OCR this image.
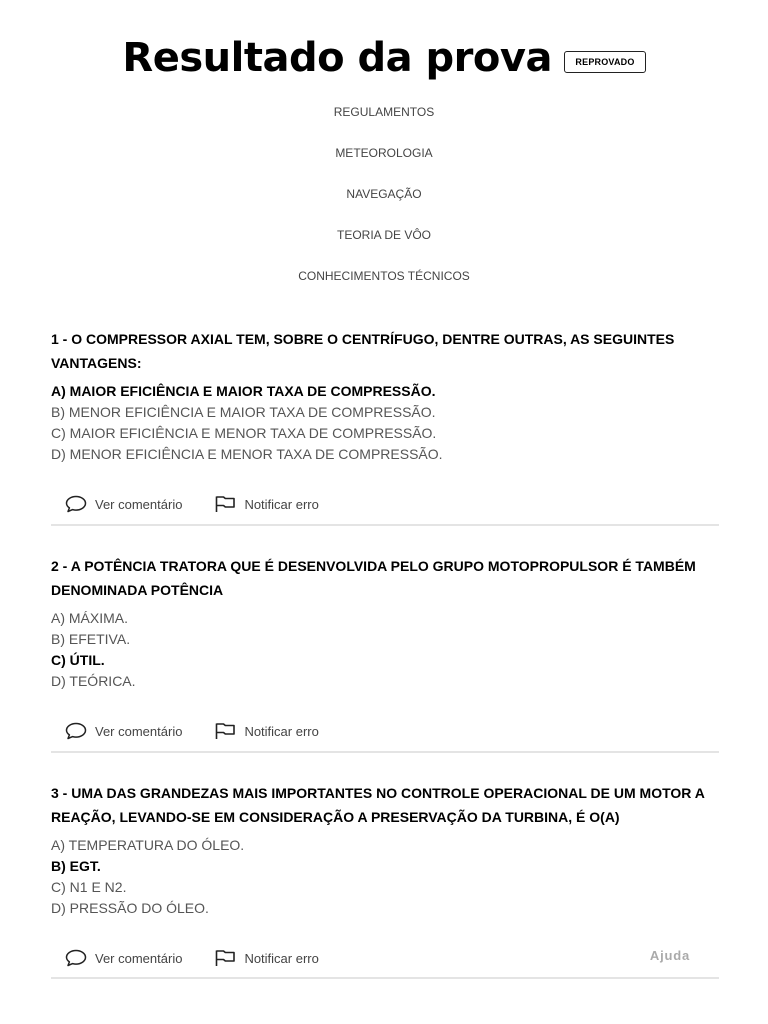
Resultado da prova	REPROVADO
REGULAMENTOS
METEOROLOGIA
NAVEGAÇÃO
TEORIA DE VÔO
CONHECIMENTOS TÉCNICOS

1 - O COMPRESSOR AXIAL TEM, SOBRE O CENTRÍFUGO, DENTRE OUTRAS, AS SEGUINTES VANTAGENS:

A) MAIOR EFICIÊNCIA E MAIOR TAXA DE COMPRESSÃO.
B) MENOR EFICIÊNCIA E MAIOR TAXA DE COMPRESSÃO.
C) MAIOR EFICIÊNCIA E MENOR TAXA DE COMPRESSÃO.
D) MENOR EFICIÊNCIA E MENOR TAXA DE COMPRESSÃO.
Ver comentário	Notificar erro

2 - A POTÊNCIA TRATORA QUE É DESENVOLVIDA PELO GRUPO MOTOPROPULSOR É TAMBÉM DENOMINADA POTÊNCIA

A) MÁXIMA.
B) EFETIVA.
C) ÚTIL.
D) TEÓRICA.
Ver comentário	Notificar erro

3 - UMA DAS GRANDEZAS MAIS IMPORTANTES NO CONTROLE OPERACIONAL DE UM MOTOR A REAÇÃO, LEVANDO-SE EM CONSIDERAÇÃO A PRESERVAÇÃO DA TURBINA, É O(A)

A) TEMPERATURA DO ÓLEO.
B) EGT.
C) N1 E N2.
D) PRESSÃO DO ÓLEO.
Ver comentário	Notificar erro	Ajuda
